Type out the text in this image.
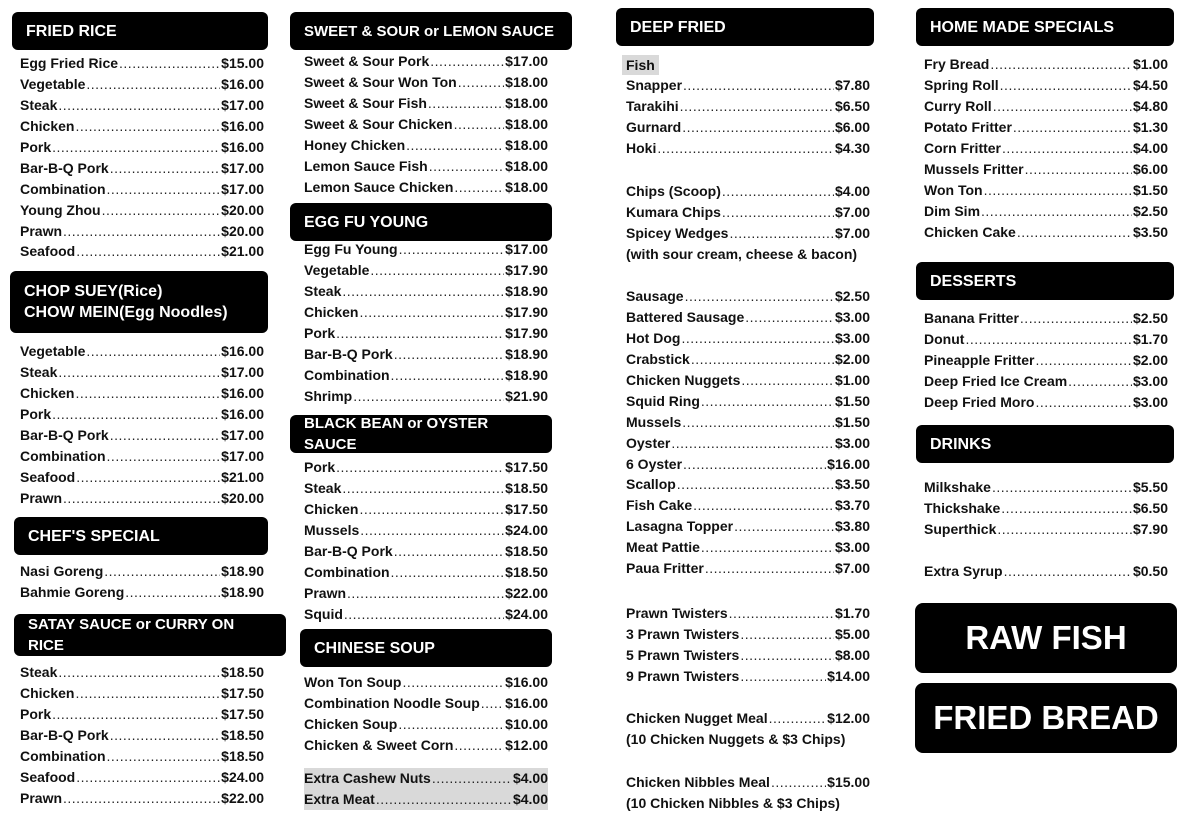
FRIED RICE
Egg Fried Rice .....	$15.00
Vegetable .....	$16.00
Steak .....	$17.00
Chicken .....	$16.00
Pork .....	$16.00
Bar-B-Q Pork .....	$17.00
Combination .....	$17.00
Young Zhou .....	$20.00
Prawn .....	$20.00
Seafood .....	$21.00
CHOP SUEY(Rice)
CHOW MEIN(Egg Noodles)
Vegetable .....	$16.00
Steak .....	$17.00
Chicken .....	$16.00
Pork .....	$16.00
Bar-B-Q Pork .....	$17.00
Combination .....	$17.00
Seafood .....	$21.00
Prawn .....	$20.00
CHEF'S SPECIAL
Nasi Goreng .....	$18.90
Bahmie Goreng .....	$18.90
SATAY SAUCE or CURRY ON RICE
Steak .....	$18.50
Chicken .....	$17.50
Pork .....	$17.50
Bar-B-Q Pork .....	$18.50
Combination .....	$18.50
Seafood .....	$24.00
Prawn .....	$22.00
SWEET & SOUR or LEMON SAUCE
Sweet & Sour Pork .....	$17.00
Sweet & Sour Won Ton .....	$18.00
Sweet & Sour Fish .....	$18.00
Sweet & Sour Chicken .....	$18.00
Honey Chicken .....	$18.00
Lemon Sauce Fish .....	$18.00
Lemon Sauce Chicken .....	$18.00
EGG FU YOUNG
Egg Fu Young .....	$17.00
Vegetable .....	$17.90
Steak .....	$18.90
Chicken .....	$17.90
Pork .....	$17.90
Bar-B-Q Pork .....	$18.90
Combination .....	$18.90
Shrimp .....	$21.90
BLACK BEAN or OYSTER SAUCE
Pork .....	$17.50
Steak .....	$18.50
Chicken .....	$17.50
Mussels .....	$24.00
Bar-B-Q Pork .....	$18.50
Combination .....	$18.50
Prawn .....	$22.00
Squid .....	$24.00
CHINESE SOUP
Won Ton Soup .....	$16.00
Combination Noodle Soup ..... $16.00
Chicken Soup .....	$10.00
Chicken & Sweet Corn .....	$12.00
Extra Cashew Nuts .....	$4.00
Extra Meat .....	$4.00
DEEP FRIED
Fish
Snapper .....	$7.80
Tarakihi .....	$6.50
Gurnard .....	$6.00
Hoki .....	$4.30
Chips (Scoop) .....	$4.00
Kumara Chips .....	$7.00
Spicey Wedges .....	$7.00
(with sour cream, cheese & bacon)
Sausage .....	$2.50
Battered Sausage .....	$3.00
Hot Dog .....	$3.00
Crabstick .....	$2.00
Chicken Nuggets .....	$1.00
Squid Ring .....	$1.50
Mussels .....	$1.50
Oyster .....	$3.00
6 Oyster .....	$16.00
Scallop .....	$3.50
Fish Cake .....	$3.70
Lasagna Topper .....	$3.80
Meat Pattie .....	$3.00
Paua Fritter .....	$7.00
Prawn Twisters .....	$1.70
3 Prawn Twisters .....	$5.00
5 Prawn Twisters .....	$8.00
9 Prawn Twisters .....	$14.00
Chicken Nugget Meal .....	$12.00
(10 Chicken Nuggets & $3 Chips)
Chicken Nibbles Meal .....	$15.00
(10 Chicken Nibbles & $3 Chips)
HOME MADE SPECIALS
Fry Bread .....	$1.00
Spring Roll .....	$4.50
Curry Roll .....	$4.80
Potato Fritter .....	$1.30
Corn Fritter .....	$4.00
Mussels Fritter .....	$6.00
Won Ton .....	$1.50
Dim Sim .....	$2.50
Chicken Cake .....	$3.50
DESSERTS
Banana Fritter .....	$2.50
Donut .....	$1.70
Pineapple Fritter .....	$2.00
Deep Fried Ice Cream .....	$3.00
Deep Fried Moro .....	$3.00
DRINKS
Milkshake .....	$5.50
Thickshake .....	$6.50
Superthick .....	$7.90
Extra Syrup .....	$0.50
RAW FISH
FRIED BREAD
